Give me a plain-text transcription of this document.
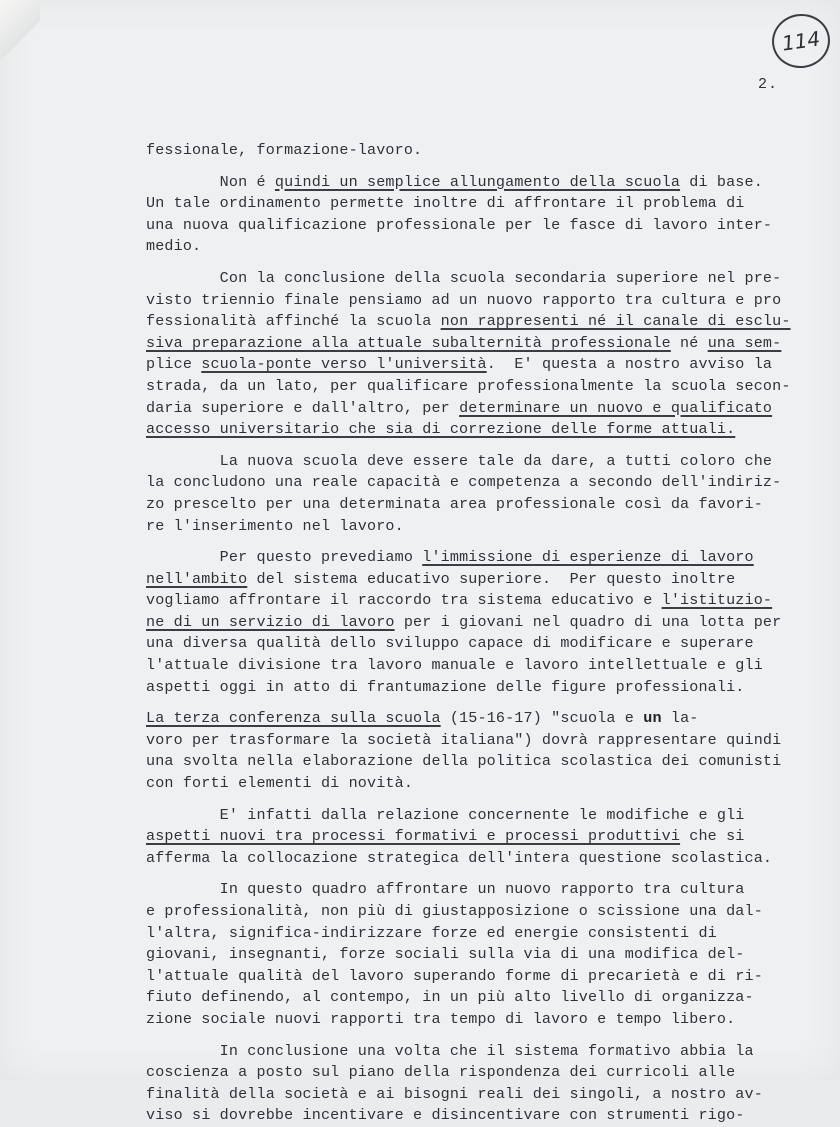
114
2.

fessionale, formazione-lavoro.

Non é quindi un semplice allungamento della scuola di base.

Un tale ordinamento permette inoltre di affrontare il problema di

una nuova qualificazione professionale per le fasce di lavoro inter-

medio.

Con la conclusione della scuola secondaria superiore nel pre-

visto triennio finale pensiamo ad un nuovo rapporto tra cultura e pro

fessionalità affinché la scuola non rappresenti né il canale di esclu-

siva preparazione alla attuale subalternità professionale né una sem-

plice scuola-ponte verso l'università.  E' questa a nostro avviso la

strada, da un lato, per qualificare professionalmente la scuola secon-

daria superiore e dall'altro, per determinare un nuovo e qualificato

accesso universitario che sia di correzione delle forme attuali.

La nuova scuola deve essere tale da dare, a tutti coloro che

la concludono una reale capacità e competenza a secondo dell'indiriz-

zo prescelto per una determinata area professionale così da favori-

re l'inserimento nel lavoro.

Per questo prevediamo l'immissione di esperienze di lavoro

nell'ambito del sistema educativo superiore.  Per questo inoltre

vogliamo affrontare il raccordo tra sistema educativo e l'istituzio-

ne di un servizio di lavoro per i giovani nel quadro di una lotta per

una diversa qualità dello sviluppo capace di modificare e superare

l'attuale divisione tra lavoro manuale e lavoro intellettuale e gli

aspetti oggi in atto di frantumazione delle figure professionali.

La terza conferenza sulla scuola (15-16-17) "scuola e un la-

voro per trasformare la società italiana") dovrà rappresentare quindi

una svolta nella elaborazione della politica scolastica dei comunisti

con forti elementi di novità.

E' infatti dalla relazione concernente le modifiche e gli

aspetti nuovi tra processi formativi e processi produttivi che si

afferma la collocazione strategica dell'intera questione scolastica.

In questo quadro affrontare un nuovo rapporto tra cultura

e professionalità, non più di giustapposizione o scissione una dal-

l'altra, significa-indirizzare forze ed energie consistenti di

giovani, insegnanti, forze sociali sulla via di una modifica del-

l'attuale qualità del lavoro superando forme di precarietà e di ri-

fiuto definendo, al contempo, in un più alto livello di organizza-

zione sociale nuovi rapporti tra tempo di lavoro e tempo libero.

In conclusione una volta che il sistema formativo abbia la

coscienza a posto sul piano della rispondenza dei curricoli alle

finalità della società e ai bisogni reali dei singoli, a nostro av-

viso si dovrebbe incentivare e disincentivare con strumenti rigo-
